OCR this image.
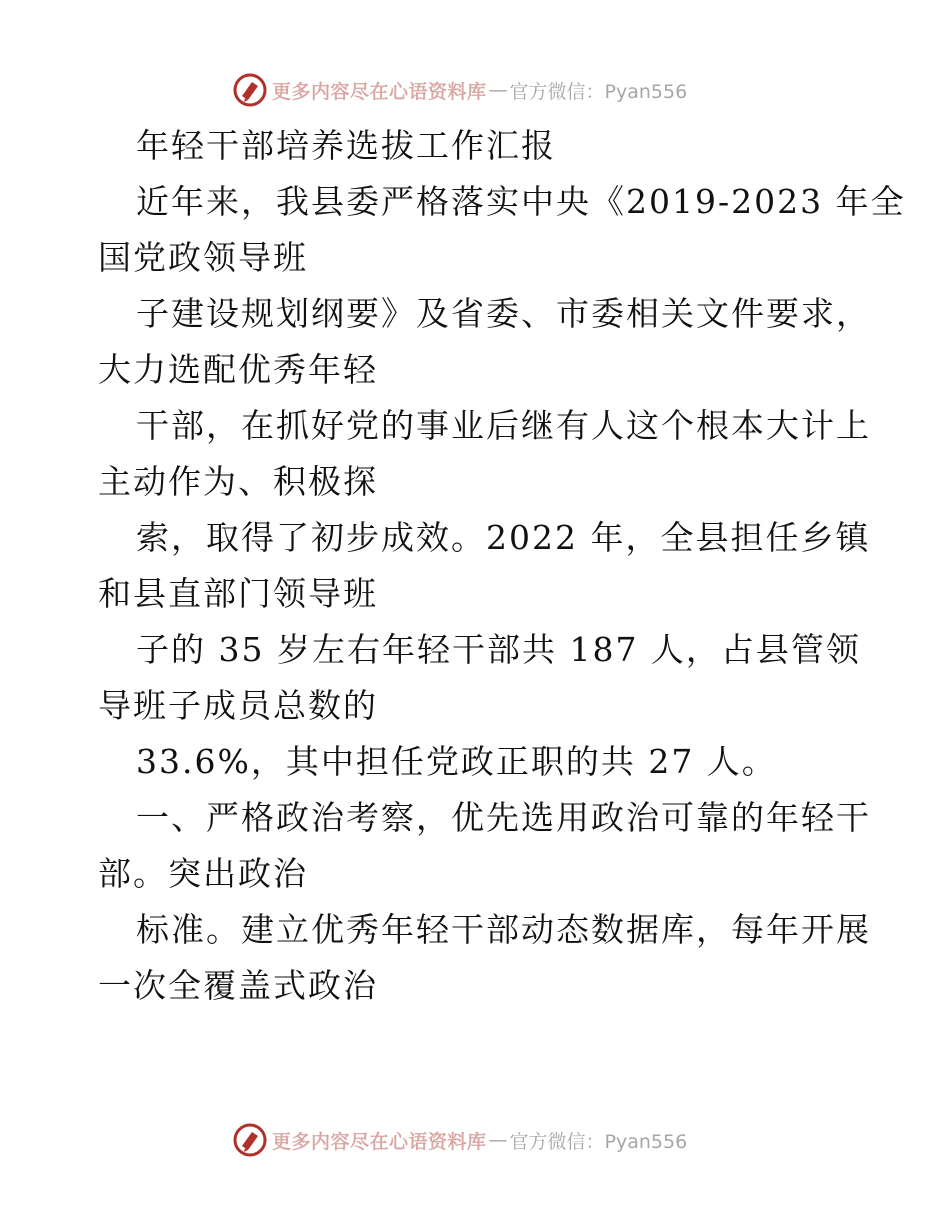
更多内容尽在心语资料库 — 官方微信：Pyan556
年轻干部培养选拔工作汇报
近年来，我县委严格落实中央《2019-2023 年全
国党政领导班
子建设规划纲要》及省委、市委相关文件要求，
大力选配优秀年轻
干部，在抓好党的事业后继有人这个根本大计上
主动作为、积极探
索，取得了初步成效。2022 年，全县担任乡镇
和县直部门领导班
子的 35 岁左右年轻干部共 187 人，占县管领
导班子成员总数的
33.6%，其中担任党政正职的共 27 人。
一、严格政治考察，优先选用政治可靠的年轻干
部。突出政治
标准。建立优秀年轻干部动态数据库，每年开展
一次全覆盖式政治
更多内容尽在心语资料库 — 官方微信：Pyan556
